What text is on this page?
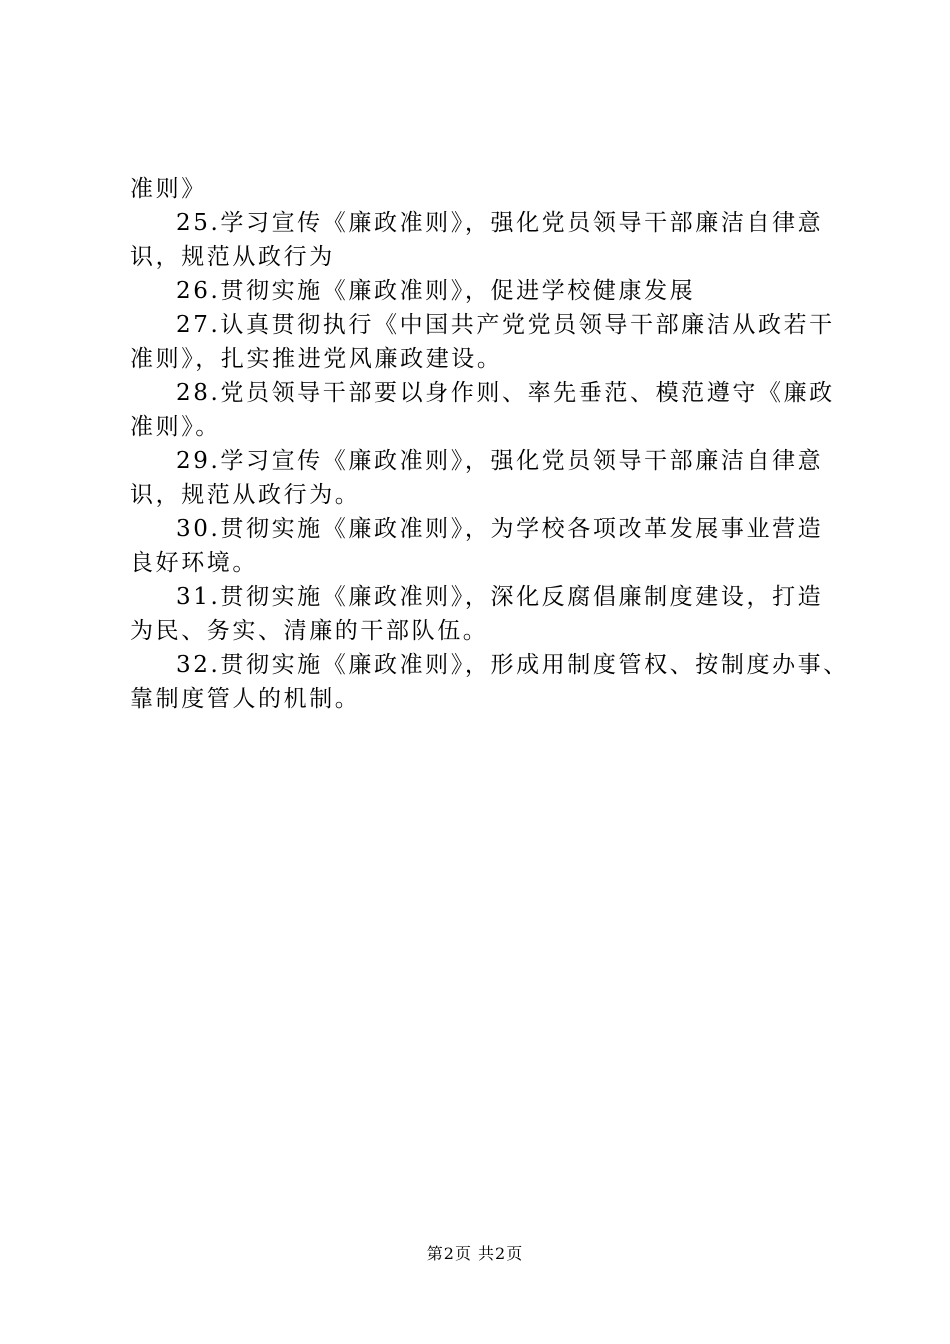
准则》
25.学习宣传《廉政准则》，强化党员领导干部廉洁自律意
识，规范从政行为
26.贯彻实施《廉政准则》，促进学校健康发展
27.认真贯彻执行《中国共产党党员领导干部廉洁从政若干
准则》，扎实推进党风廉政建设。
28.党员领导干部要以身作则、率先垂范、模范遵守《廉政
准则》。
29.学习宣传《廉政准则》，强化党员领导干部廉洁自律意
识，规范从政行为。
30.贯彻实施《廉政准则》，为学校各项改革发展事业营造
良好环境。
31.贯彻实施《廉政准则》，深化反腐倡廉制度建设，打造
为民、务实、清廉的干部队伍。
32.贯彻实施《廉政准则》，形成用制度管权、按制度办事、
靠制度管人的机制。
第2页 共2页
